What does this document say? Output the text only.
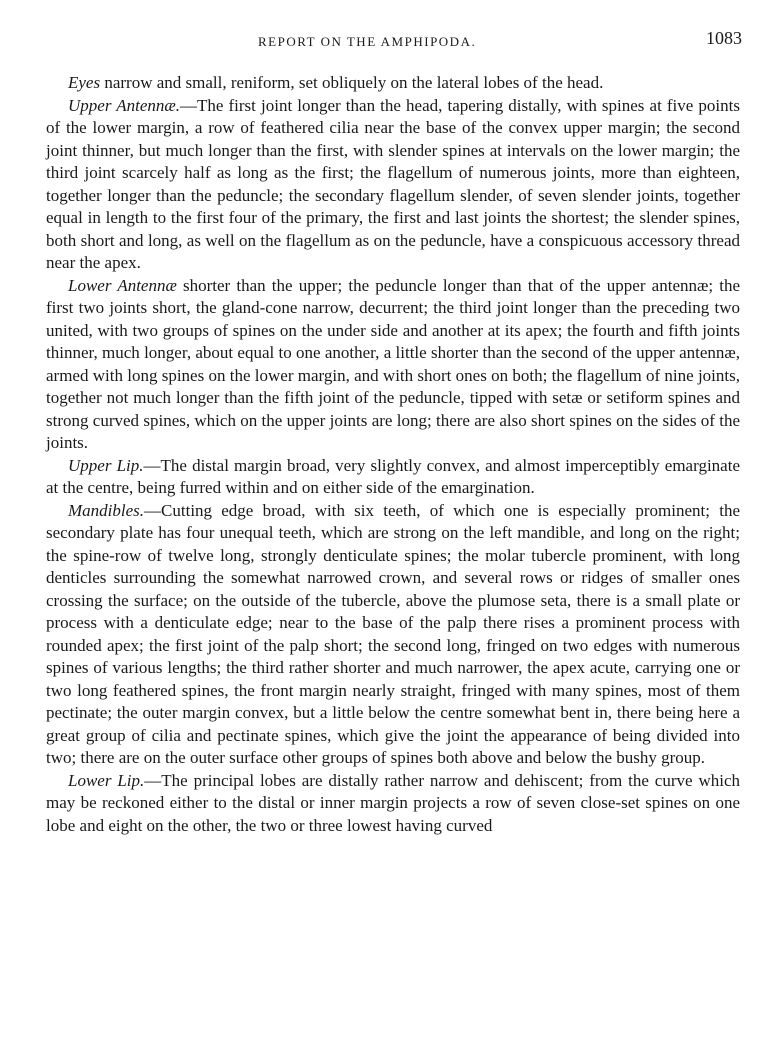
REPORT ON THE AMPHIPODA.	1083

Eyes narrow and small, reniform, set obliquely on the lateral lobes of the head.

Upper Antennæ.—The first joint longer than the head, tapering distally, with spines at five points of the lower margin, a row of feathered cilia near the base of the convex upper margin; the second joint thinner, but much longer than the first, with slender spines at intervals on the lower margin; the third joint scarcely half as long as the first; the flagellum of numerous joints, more than eighteen, together longer than the peduncle; the secondary flagellum slender, of seven slender joints, together equal in length to the first four of the primary, the first and last joints the shortest; the slender spines, both short and long, as well on the flagellum as on the peduncle, have a conspicuous accessory thread near the apex.

Lower Antennæ shorter than the upper; the peduncle longer than that of the upper antennæ; the first two joints short, the gland-cone narrow, decurrent; the third joint longer than the preceding two united, with two groups of spines on the under side and another at its apex; the fourth and fifth joints thinner, much longer, about equal to one another, a little shorter than the second of the upper antennæ, armed with long spines on the lower margin, and with short ones on both; the flagellum of nine joints, together not much longer than the fifth joint of the peduncle, tipped with setæ or setiform spines and strong curved spines, which on the upper joints are long; there are also short spines on the sides of the joints.

Upper Lip.—The distal margin broad, very slightly convex, and almost imperceptibly emarginate at the centre, being furred within and on either side of the emargination.

Mandibles.—Cutting edge broad, with six teeth, of which one is especially prominent; the secondary plate has four unequal teeth, which are strong on the left mandible, and long on the right; the spine-row of twelve long, strongly denticulate spines; the molar tubercle prominent, with long denticles surrounding the somewhat narrowed crown, and several rows or ridges of smaller ones crossing the surface; on the outside of the tubercle, above the plumose seta, there is a small plate or process with a denticulate edge; near to the base of the palp there rises a prominent process with rounded apex; the first joint of the palp short; the second long, fringed on two edges with numerous spines of various lengths; the third rather shorter and much narrower, the apex acute, carrying one or two long feathered spines, the front margin nearly straight, fringed with many spines, most of them pectinate; the outer margin convex, but a little below the centre somewhat bent in, there being here a great group of cilia and pectinate spines, which give the joint the appearance of being divided into two; there are on the outer surface other groups of spines both above and below the bushy group.

Lower Lip.—The principal lobes are distally rather narrow and dehiscent; from the curve which may be reckoned either to the distal or inner margin projects a row of seven close-set spines on one lobe and eight on the other, the two or three lowest having curved
